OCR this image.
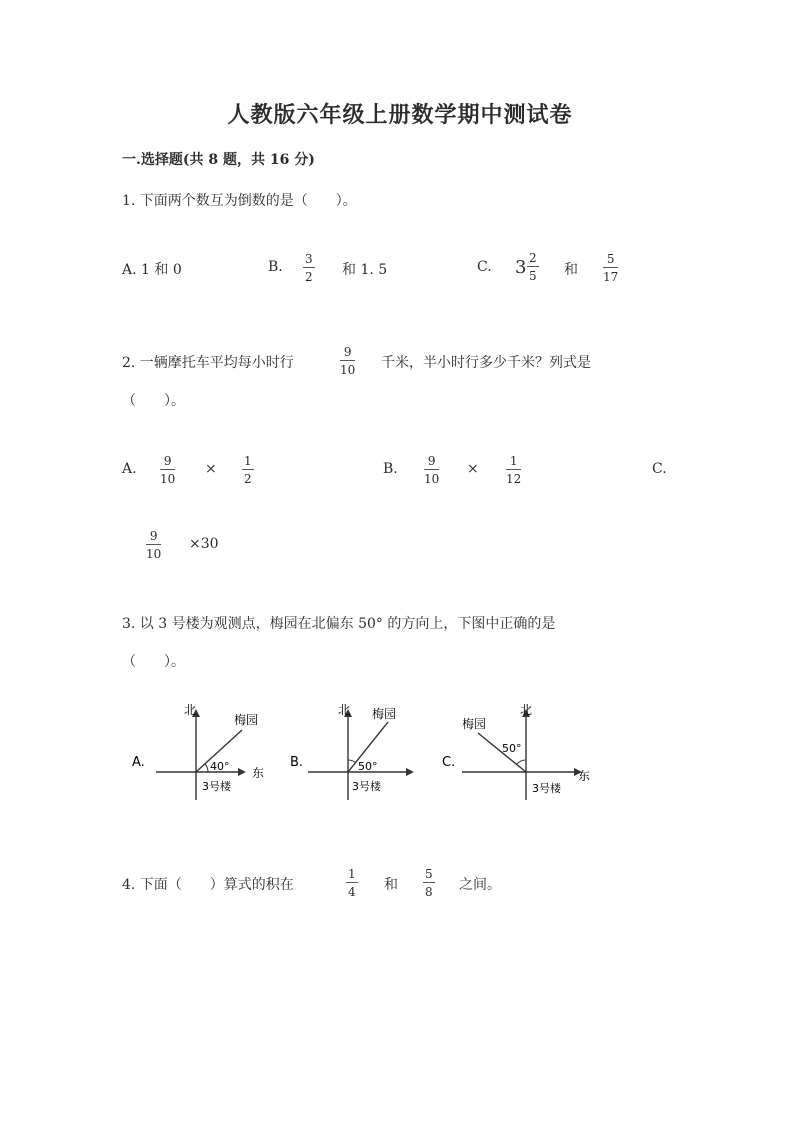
人教版六年级上册数学期中测试卷
一.选择题(共 8 题，共 16 分)
1. 下面两个数互为倒数的是（　　）。
A. 1 和 0	B. 3
2 和 1. 5	C. 3 2
5 和
5
17
2. 一辆摩托车平均每小时行
9
10 千米，半小时行多少千米？列式是
（　　）。
A.	9
10
× 1
2
B.	9
10
×	1
12
C.
9
10
×30
3. 以 3 号楼为观测点，梅园在北偏东 50° 的方向上，下图中正确的是
（　　）。
A.
北
梅园
40° 东
3号楼
B.
北 梅园
50°
3号楼
C.
北
梅园
50°
东
3号楼
4. 下面（　　）算式的积在
1
4 和
5
8 之间。
